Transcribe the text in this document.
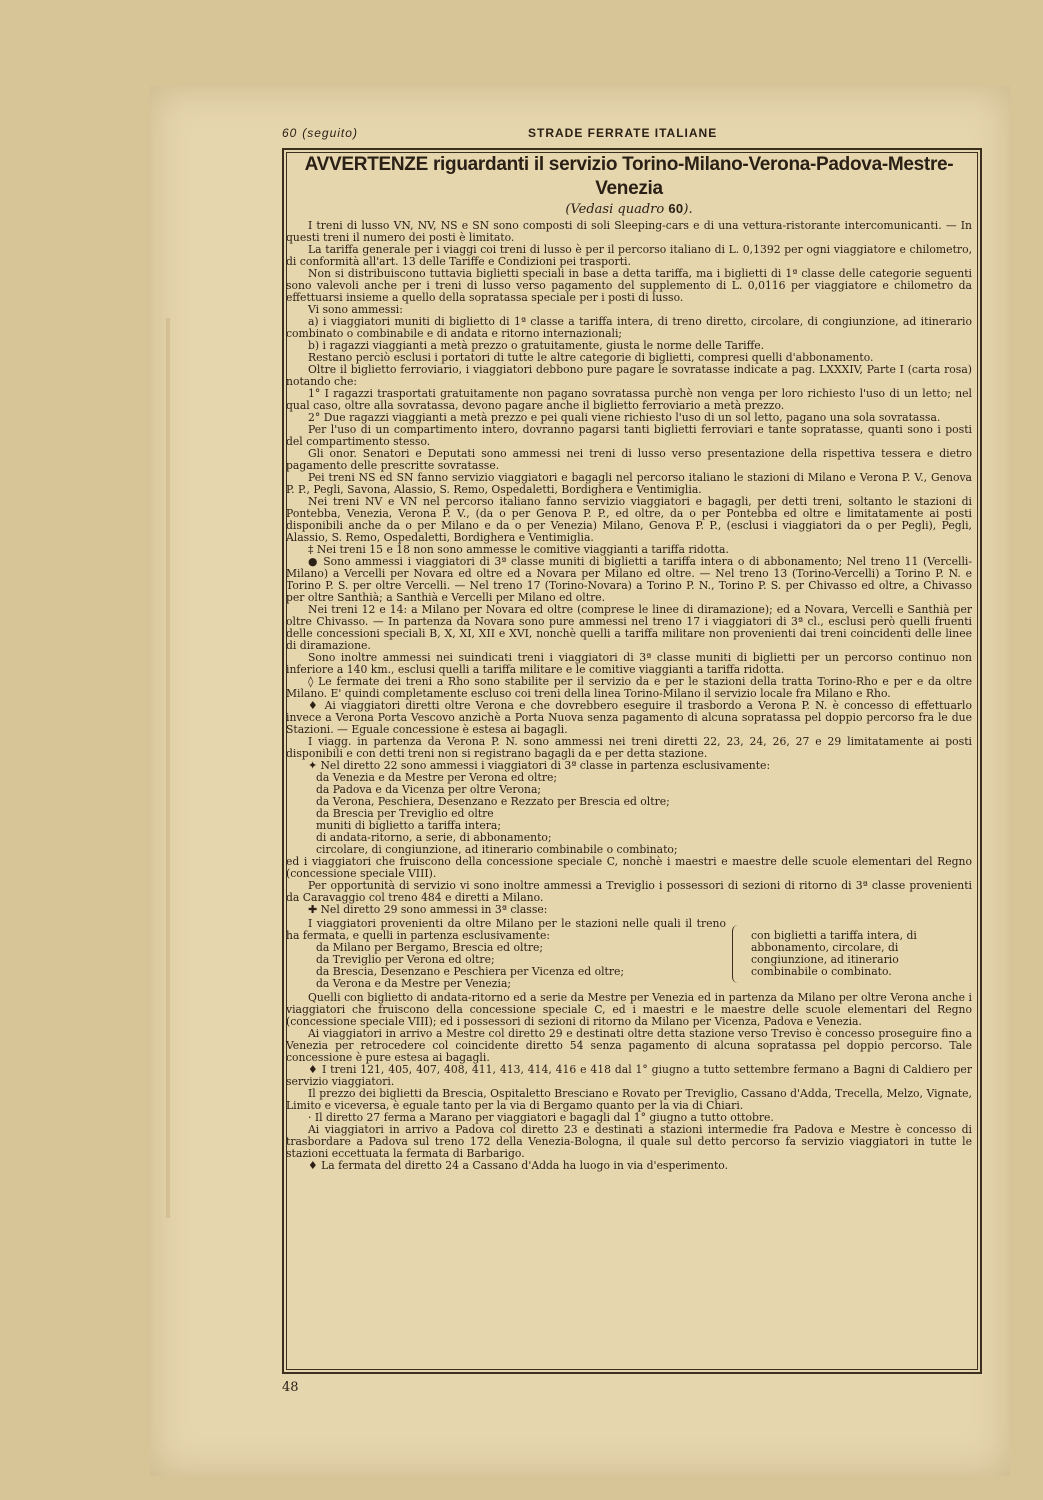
60 (seguito)	STRADE FERRATE ITALIANE
AVVERTENZE riguardanti il servizio Torino-Milano-Verona-Padova-Mestre-Venezia
(Vedasi quadro 60).

I treni di lusso VN, NV, NS e SN sono composti di soli Sleeping-cars e di una vettura-ristorante intercomunicanti. — In questi treni il numero dei posti è limitato.

La tariffa generale per i viaggi coi treni di lusso è per il percorso italiano di L. 0,1392 per ogni viaggiatore e chilometro, di conformità all'art. 13 delle Tariffe e Condizioni pei trasporti.

Non si distribuiscono tuttavia biglietti speciali in base a detta tariffa, ma i biglietti di 1ª classe delle categorie seguenti sono valevoli anche per i treni di lusso verso pagamento del supplemento di L. 0,0116 per viaggiatore e chilometro da effettuarsi insieme a quello della sopratassa speciale per i posti di lusso.

Vi sono ammessi:

a) i viaggiatori muniti di biglietto di 1ª classe a tariffa intera, di treno diretto, circolare, di congiunzione, ad itinerario combinato o combinabile e di andata e ritorno internazionali;

b) i ragazzi viaggianti a metà prezzo o gratuitamente, giusta le norme delle Tariffe.

Restano perciò esclusi i portatori di tutte le altre categorie di biglietti, compresi quelli d'abbonamento.

Oltre il biglietto ferroviario, i viaggiatori debbono pure pagare le sovratasse indicate a pag. LXXXIV, Parte I (carta rosa) notando che:

1° I ragazzi trasportati gratuitamente non pagano sovratassa purchè non venga per loro richiesto l'uso di un letto; nel qual caso, oltre alla sovratassa, devono pagare anche il biglietto ferroviario a metà prezzo.

2° Due ragazzi viaggianti a metà prezzo e pei quali viene richiesto l'uso di un sol letto, pagano una sola sovratassa.

Per l'uso di un compartimento intero, dovranno pagarsi tanti biglietti ferroviari e tante sopratasse, quanti sono i posti del compartimento stesso.

Gli onor. Senatori e Deputati sono ammessi nei treni di lusso verso presentazione della rispettiva tessera e dietro pagamento delle prescritte sovratasse.

Pei treni NS ed SN fanno servizio viaggiatori e bagagli nel percorso italiano le stazioni di Milano e Verona P. V., Genova P. P., Pegli, Savona, Alassio, S. Remo, Ospedaletti, Bordighera e Ventimiglia.

Nei treni NV e VN nel percorso italiano fanno servizio viaggiatori e bagagli, per detti treni, soltanto le stazioni di Pontebba, Venezia, Verona P. V., (da o per Genova P. P., ed oltre, da o per Pontebba ed oltre e limitatamente ai posti disponibili anche da o per Milano e da o per Venezia) Milano, Genova P. P., (esclusi i viaggiatori da o per Pegli), Pegli, Alassio, S. Remo, Ospedaletti, Bordighera e Ventimiglia.

‡ Nei treni 15 e 18 non sono ammesse le comitive viaggianti a tariffa ridotta.

● Sono ammessi i viaggiatori di 3ª classe muniti di biglietti a tariffa intera o di abbonamento; Nel treno 11 (Vercelli-Milano) a Vercelli per Novara ed oltre ed a Novara per Milano ed oltre. — Nel treno 13 (Torino-Vercelli) a Torino P. N. e Torino P. S. per oltre Vercelli. — Nel treno 17 (Torino-Novara) a Torino P. N., Torino P. S. per Chivasso ed oltre, a Chivasso per oltre Santhià; a Santhià e Vercelli per Milano ed oltre.

Nei treni 12 e 14: a Milano per Novara ed oltre (comprese le linee di diramazione); ed a Novara, Vercelli e Santhià per oltre Chivasso. — In partenza da Novara sono pure ammessi nel treno 17 i viaggiatori di 3ª cl., esclusi però quelli fruenti delle concessioni speciali B, X, XI, XII e XVI, nonchè quelli a tariffa militare non provenienti dai treni coincidenti delle linee di diramazione.

Sono inoltre ammessi nei suindicati treni i viaggiatori di 3ª classe muniti di biglietti per un percorso continuo non inferiore a 140 km., esclusi quelli a tariffa militare e le comitive viaggianti a tariffa ridotta.

◊ Le fermate dei treni a Rho sono stabilite per il servizio da e per le stazioni della tratta Torino-Rho e per e da oltre Milano. E' quindi completamente escluso coi treni della linea Torino-Milano il servizio locale fra Milano e Rho.

♦ Ai viaggiatori diretti oltre Verona e che dovrebbero eseguire il trasbordo a Verona P. N. è concesso di effettuarlo invece a Verona Porta Vescovo anzichè a Porta Nuova senza pagamento di alcuna sopratassa pel doppio percorso fra le due Stazioni. — Eguale concessione è estesa ai bagagli.

I viagg. in partenza da Verona P. N. sono ammessi nei treni diretti 22, 23, 24, 26, 27 e 29 limitatamente ai posti disponibili e con detti treni non si registrano bagagli da e per detta stazione.

✦ Nel diretto 22 sono ammessi i viaggiatori di 3ª classe in partenza esclusivamente:

da Venezia e da Mestre per Verona ed oltre;

da Padova e da Vicenza per oltre Verona;

da Verona, Peschiera, Desenzano e Rezzato per Brescia ed oltre;

da Brescia per Treviglio ed oltre

muniti di biglietto a tariffa intera;

di andata-ritorno, a serie, di abbonamento;

circolare, di congiunzione, ad itinerario combinabile o combinato;

ed i viaggiatori che fruiscono della concessione speciale C, nonchè i maestri e maestre delle scuole elementari del Regno (concessione speciale VIII).

Per opportunità di servizio vi sono inoltre ammessi a Treviglio i possessori di sezioni di ritorno di 3ª classe provenienti da Caravaggio col treno 484 e diretti a Milano.

✚ Nel diretto 29 sono ammessi in 3ª classe:

I viaggiatori provenienti da oltre Milano per le stazioni nelle quali il treno ha fermata, e quelli in partenza esclusivamente:

da Milano per Bergamo, Brescia ed oltre;

da Treviglio per Verona ed oltre;

da Brescia, Desenzano e Peschiera per Vicenza ed oltre;

da Verona e da Mestre per Venezia;

con biglietti a tariffa intera, di abbonamento, circolare, di congiunzione, ad itinerario combinabile o combinato.

Quelli con biglietto di andata-ritorno ed a serie da Mestre per Venezia ed in partenza da Milano per oltre Verona anche i viaggiatori che fruiscono della concessione speciale C, ed i maestri e le maestre delle scuole elementari del Regno (concessione speciale VIII); ed i possessori di sezioni di ritorno da Milano per Vicenza, Padova e Venezia.

Ai viaggiatori in arrivo a Mestre col diretto 29 e destinati oltre detta stazione verso Treviso è concesso proseguire fino a Venezia per retrocedere col coincidente diretto 54 senza pagamento di alcuna sopratassa pel doppio percorso. Tale concessione è pure estesa ai bagagli.

♦ I treni 121, 405, 407, 408, 411, 413, 414, 416 e 418 dal 1° giugno a tutto settembre fermano a Bagni di Caldiero per servizio viaggiatori.

Il prezzo dei biglietti da Brescia, Ospitaletto Bresciano e Rovato per Treviglio, Cassano d'Adda, Trecella, Melzo, Vignate, Limito e viceversa, è eguale tanto per la via di Bergamo quanto per la via di Chiari.

· Il diretto 27 ferma a Marano per viaggiatori e bagagli dal 1° giugno a tutto ottobre.

Ai viaggiatori in arrivo a Padova col diretto 23 e destinati a stazioni intermedie fra Padova e Mestre è concesso di trasbordare a Padova sul treno 172 della Venezia-Bologna, il quale sul detto percorso fa servizio viaggiatori in tutte le stazioni eccettuata la fermata di Barbarigo.

♦ La fermata del diretto 24 a Cassano d'Adda ha luogo in via d'esperimento.

48
